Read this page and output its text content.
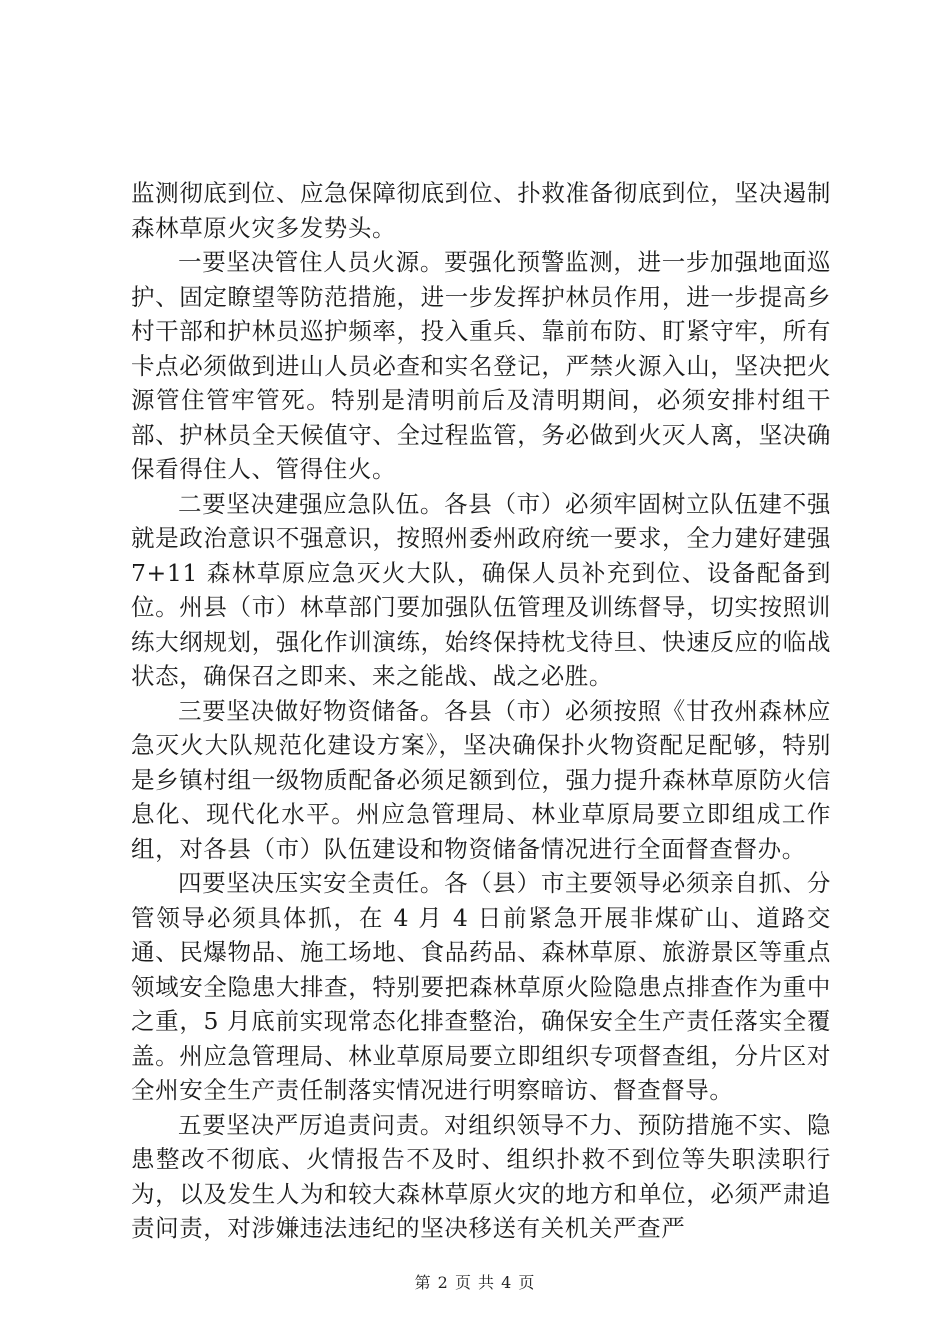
监测彻底到位、应急保障彻底到位、扑救准备彻底到位，坚决遏制森林草原火灾多发势头。

一要坚决管住人员火源。要强化预警监测，进一步加强地面巡护、固定瞭望等防范措施，进一步发挥护林员作用，进一步提高乡村干部和护林员巡护频率，投入重兵、靠前布防、盯紧守牢，所有卡点必须做到进山人员必查和实名登记，严禁火源入山，坚决把火源管住管牢管死。特别是清明前后及清明期间，必须安排村组干部、护林员全天候值守、全过程监管，务必做到火灭人离，坚决确保看得住人、管得住火。

二要坚决建强应急队伍。各县（市）必须牢固树立队伍建不强就是政治意识不强意识，按照州委州政府统一要求，全力建好建强 7+11 森林草原应急灭火大队，确保人员补充到位、设备配备到位。州县（市）林草部门要加强队伍管理及训练督导，切实按照训练大纲规划，强化作训演练，始终保持枕戈待旦、快速反应的临战状态，确保召之即来、来之能战、战之必胜。

三要坚决做好物资储备。各县（市）必须按照《甘孜州森林应急灭火大队规范化建设方案》，坚决确保扑火物资配足配够，特别是乡镇村组一级物质配备必须足额到位，强力提升森林草原防火信息化、现代化水平。州应急管理局、林业草原局要立即组成工作组，对各县（市）队伍建设和物资储备情况进行全面督查督办。

四要坚决压实安全责任。各（县）市主要领导必须亲自抓、分管领导必须具体抓，在 4 月 4 日前紧急开展非煤矿山、道路交通、民爆物品、施工场地、食品药品、森林草原、旅游景区等重点领域安全隐患大排查，特别要把森林草原火险隐患点排查作为重中之重，5 月底前实现常态化排查整治，确保安全生产责任落实全覆盖。州应急管理局、林业草原局要立即组织专项督查组，分片区对全州安全生产责任制落实情况进行明察暗访、督查督导。

五要坚决严厉追责问责。对组织领导不力、预防措施不实、隐患整改不彻底、火情报告不及时、组织扑救不到位等失职渎职行为，以及发生人为和较大森林草原火灾的地方和单位，必须严肃追责问责，对涉嫌违法违纪的坚决移送有关机关严查严

第 2 页 共 4 页
